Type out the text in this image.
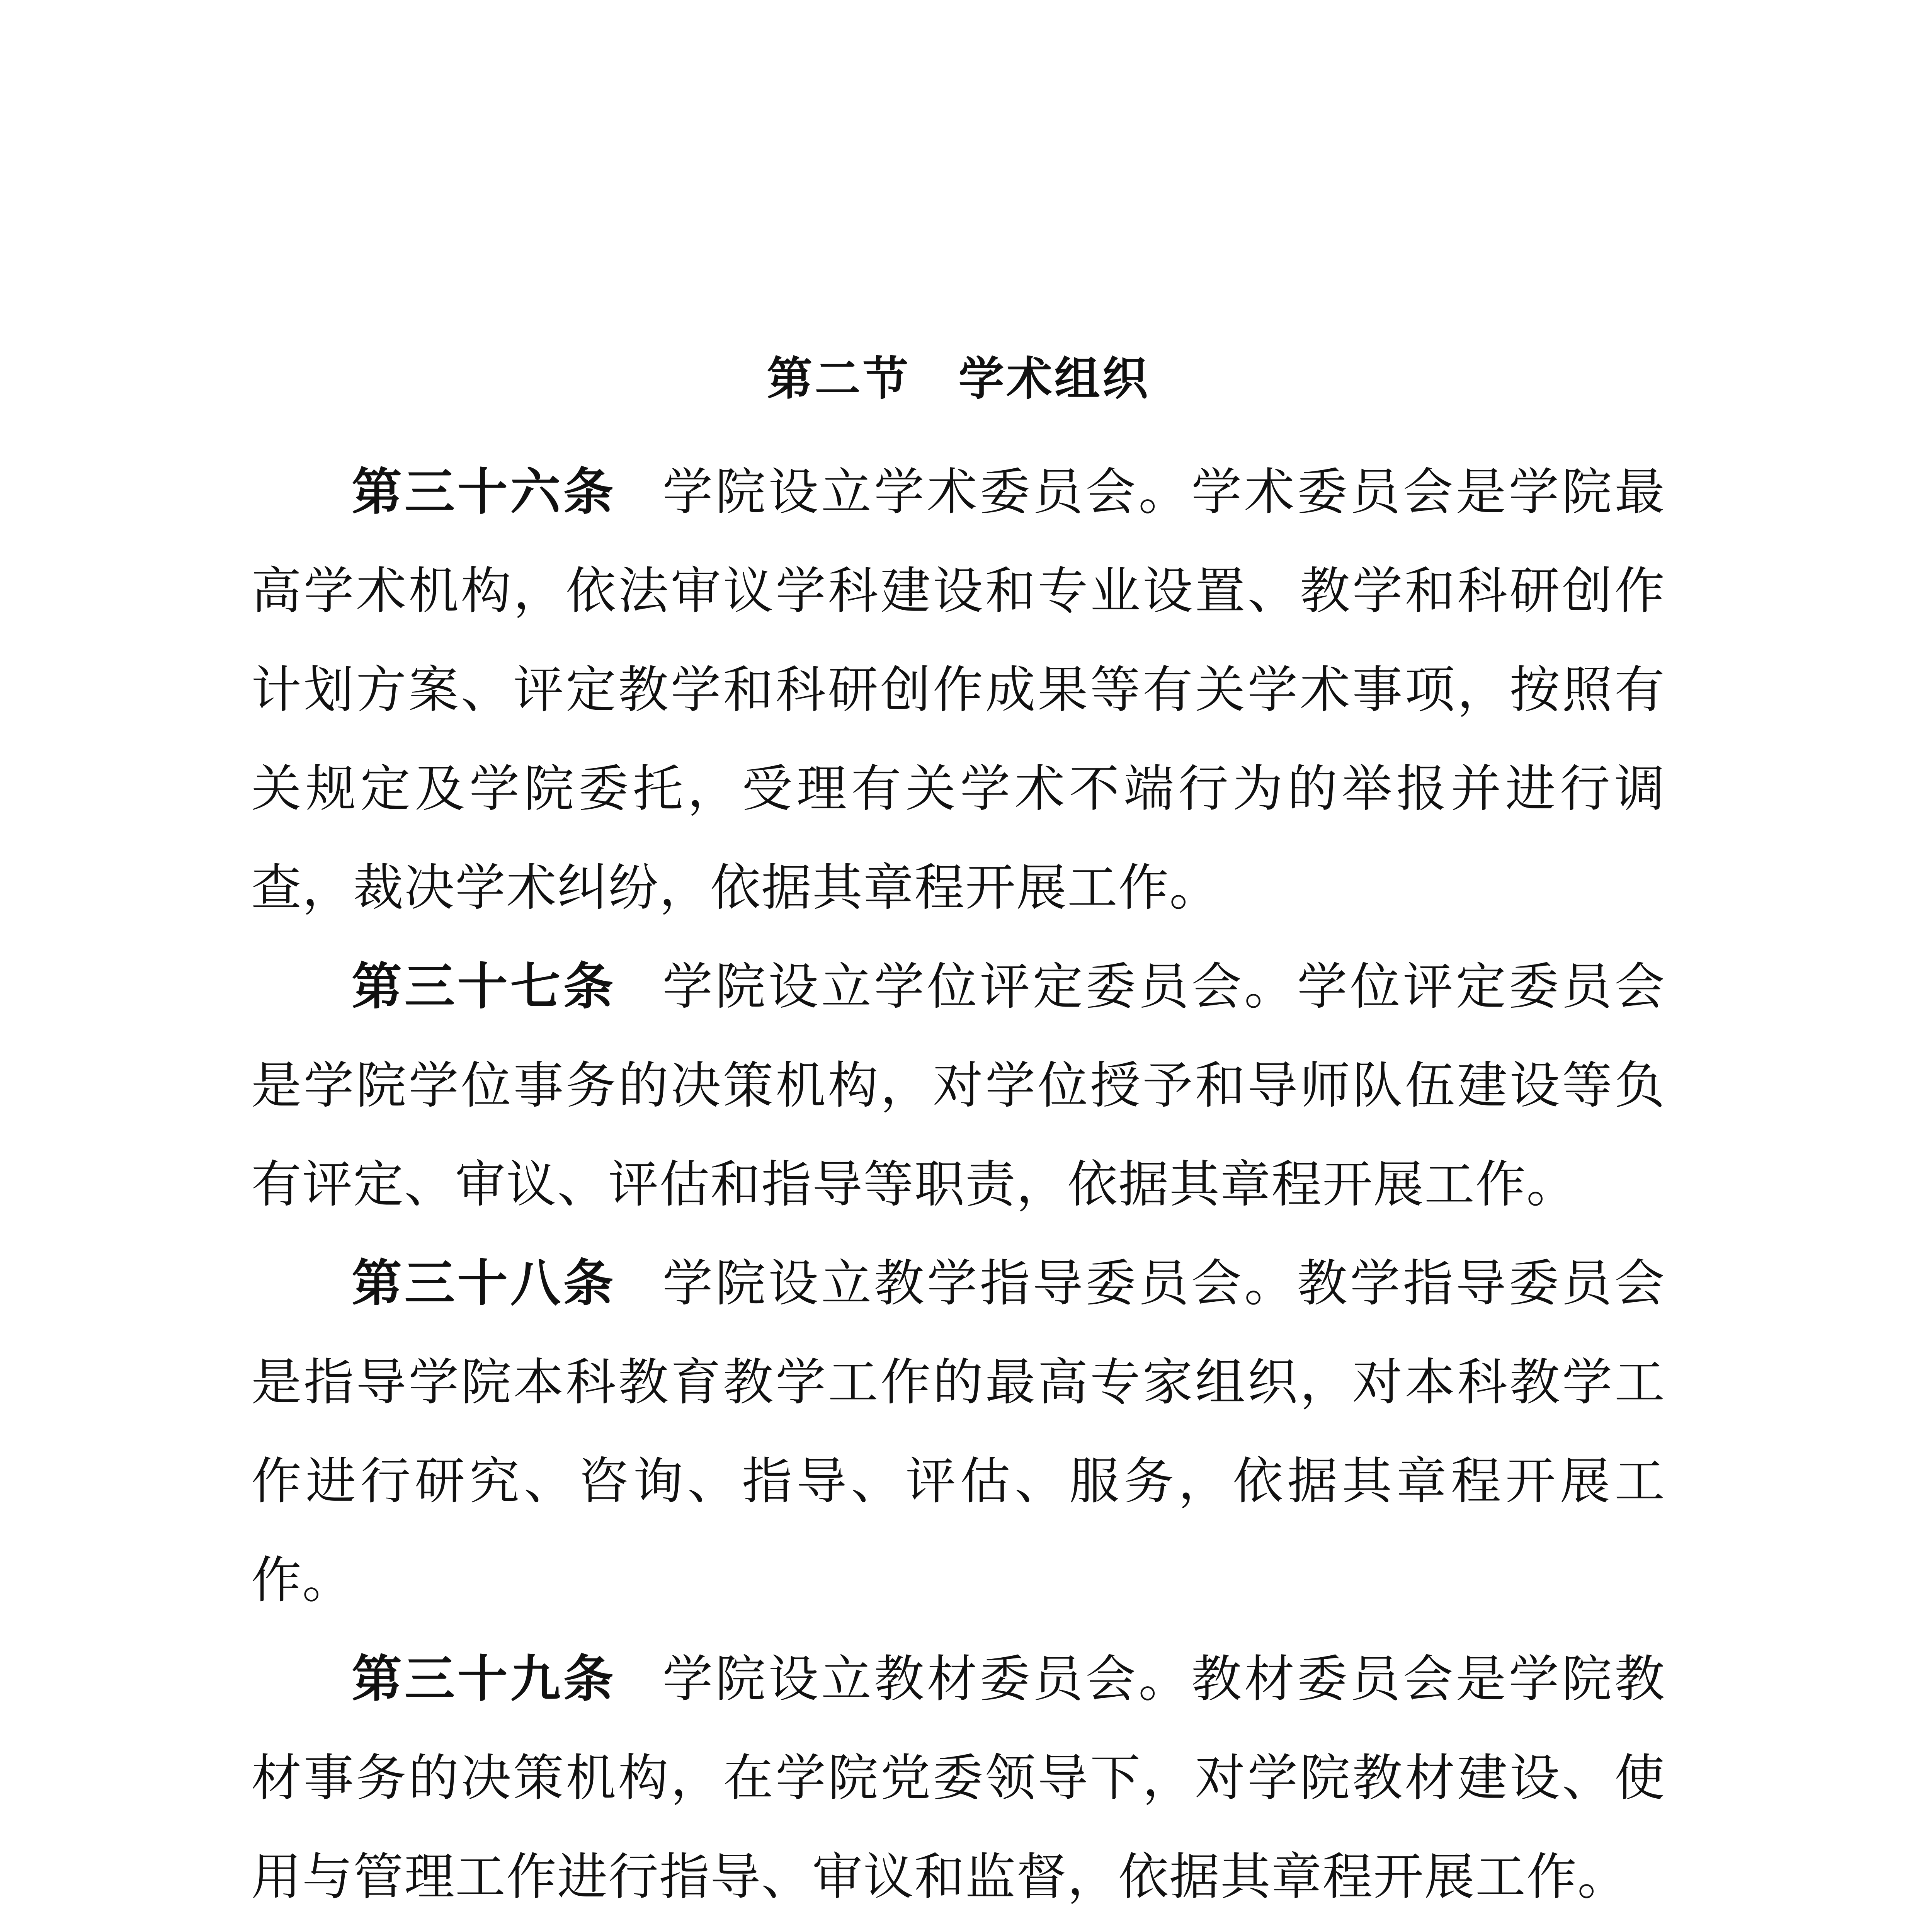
第二节　学术组织

第三十六条 学院设立学术委员会。学术委员会是学院最高学术机构，依法审议学科建设和专业设置、教学和科研创作计划方案、评定教学和科研创作成果等有关学术事项，按照有关规定及学院委托，受理有关学术不端行为的举报并进行调查，裁决学术纠纷，依据其章程开展工作。

第三十七条 学院设立学位评定委员会。学位评定委员会是学院学位事务的决策机构，对学位授予和导师队伍建设等负有评定、审议、评估和指导等职责，依据其章程开展工作。

第三十八条 学院设立教学指导委员会。教学指导委员会是指导学院本科教育教学工作的最高专家组织，对本科教学工作进行研究、咨询、指导、评估、服务，依据其章程开展工作。

第三十九条 学院设立教材委员会。教材委员会是学院教材事务的决策机构，在学院党委领导下，对学院教材建设、使用与管理工作进行指导、审议和监督，依据其章程开展工作。
